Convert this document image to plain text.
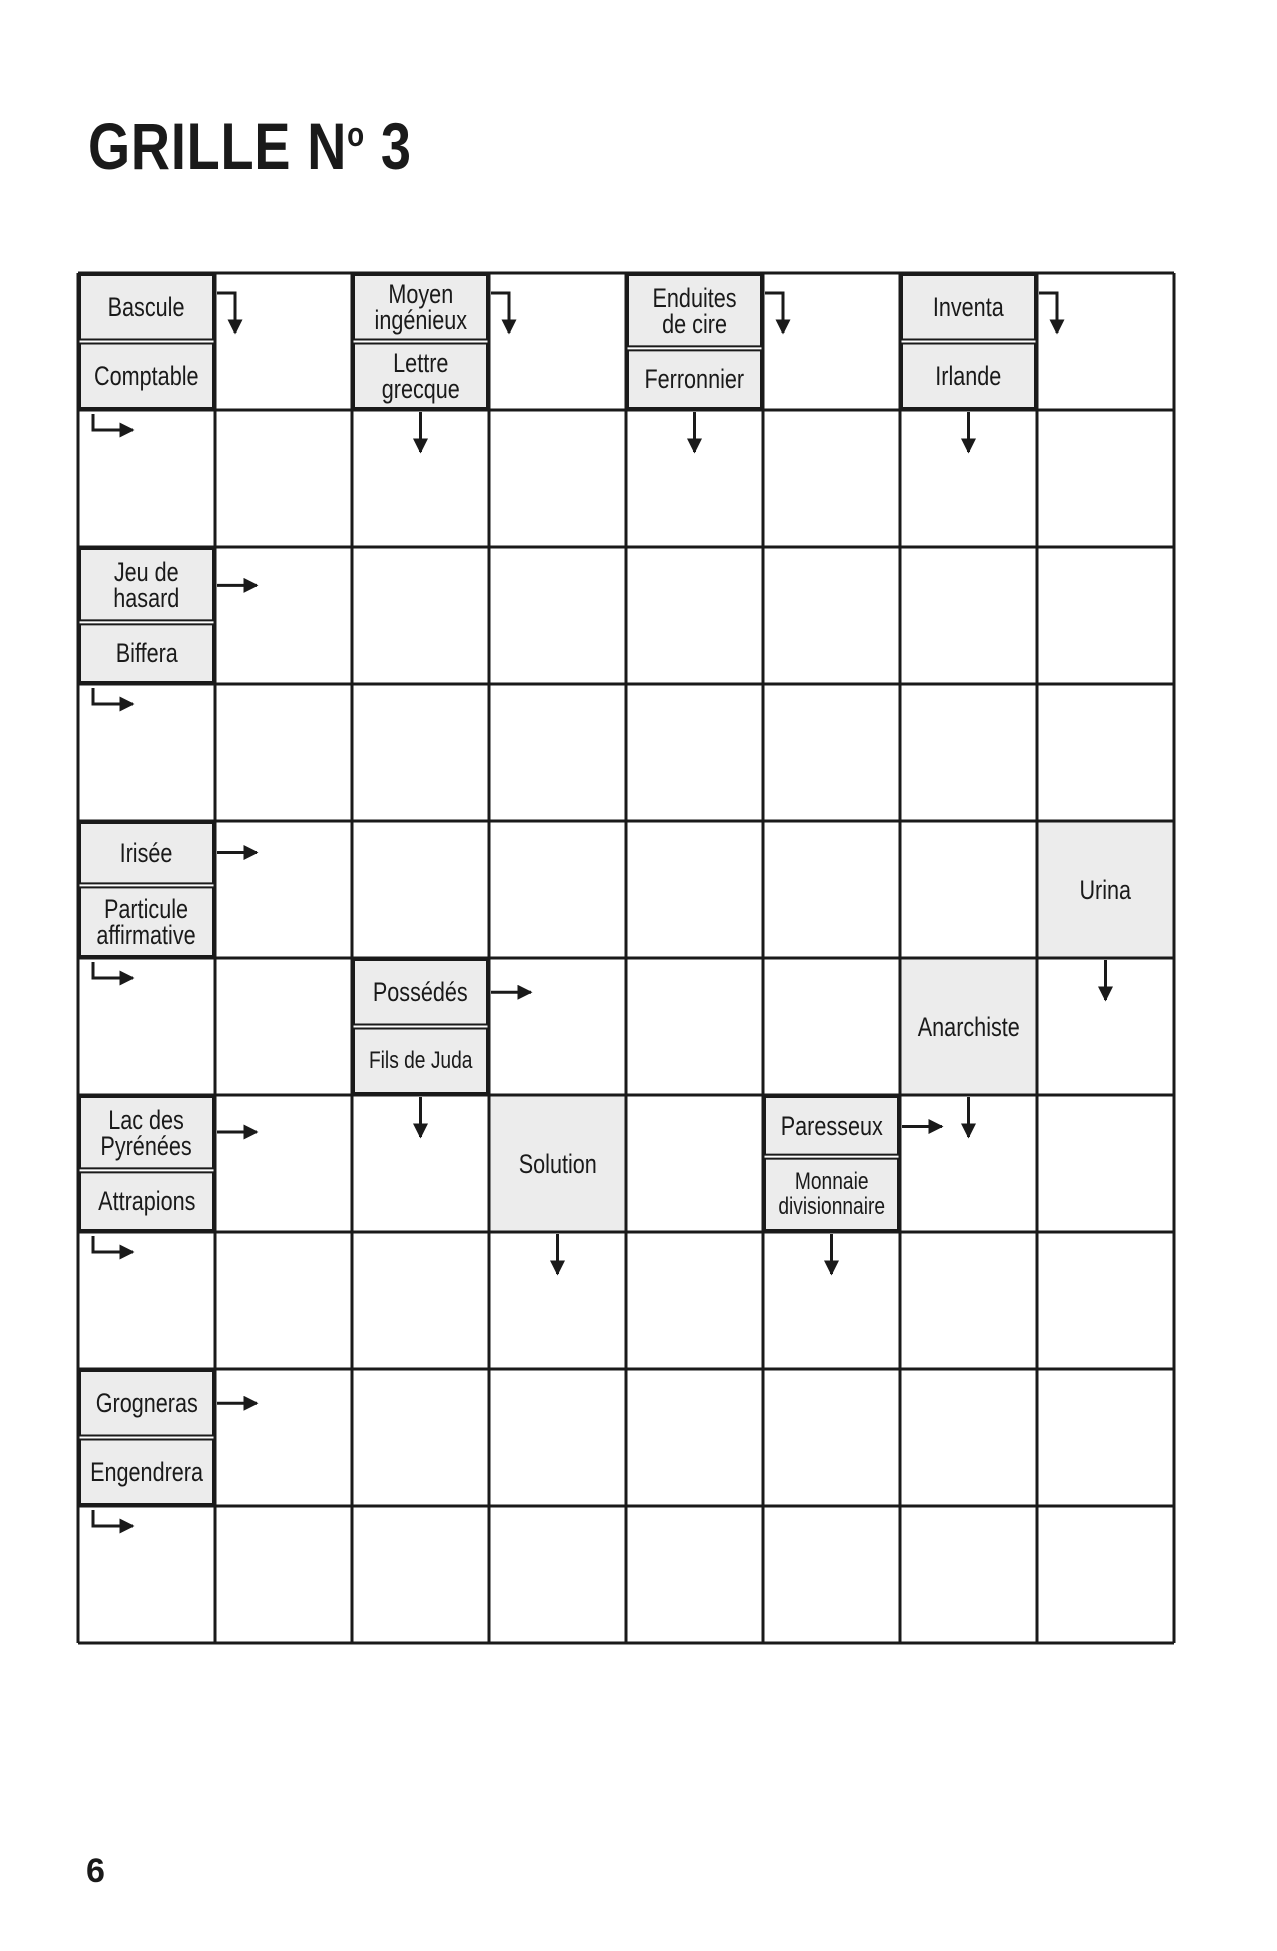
GRILLE $N^o$ 3
Bascule
Comptable
Moyen
ingénieux
Lettre
grecque
Enduites
de cire
Ferronnier
Inventa
Irlande
Jeu de
hasard
Biffera
Irisée
Particule
affirmative
Urina
Possédés
Fils de Juda
Anarchiste
Lac des
Pyrénées
Attrapions
Solution
Paresseux
Monnaie
divisionnaire
Grogneras
Engendrera
6
